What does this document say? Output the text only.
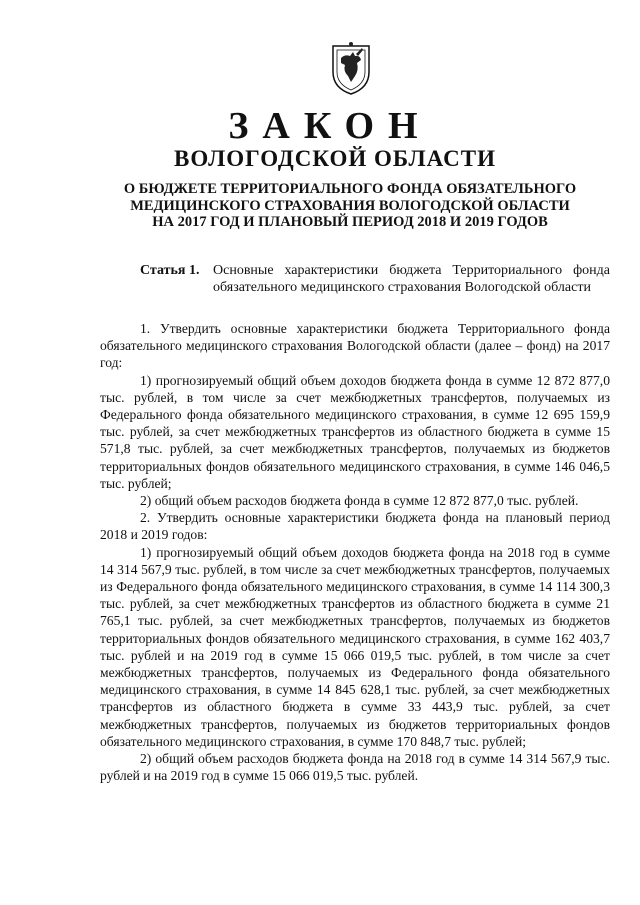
ЗАКОН
ВОЛОГОДСКОЙ ОБЛАСТИ
О БЮДЖЕТЕ ТЕРРИТОРИАЛЬНОГО ФОНДА ОБЯЗАТЕЛЬНОГО МЕДИЦИНСКОГО СТРАХОВАНИЯ ВОЛОГОДСКОЙ ОБЛАСТИ НА 2017 ГОД И ПЛАНОВЫЙ ПЕРИОД 2018 И 2019 ГОДОВ
Статья 1. Основные характеристики бюджета Территориального фонда обязательного медицинского страхования Вологодской области

1. Утвердить основные характеристики бюджета Территориального фонда обязательного медицинского страхования Вологодской области (далее – фонд) на 2017 год:

1) прогнозируемый общий объем доходов бюджета фонда в сумме 12 872 877,0 тыс. рублей, в том числе за счет межбюджетных трансфертов, получаемых из Федерального фонда обязательного медицинского страхования, в сумме 12 695 159,9 тыс. рублей, за счет межбюджетных трансфертов из областного бюджета в сумме 15 571,8 тыс. рублей, за счет межбюджетных трансфертов, получаемых из бюджетов территориальных фондов обязательного медицинского страхования, в сумме 146 046,5 тыс. рублей;

2) общий объем расходов бюджета фонда в сумме 12 872 877,0 тыс. рублей.

2. Утвердить основные характеристики бюджета фонда на плановый период 2018 и 2019 годов:

1) прогнозируемый общий объем доходов бюджета фонда на 2018 год в сумме 14 314 567,9 тыс. рублей, в том числе за счет межбюджетных трансфертов, получаемых из Федерального фонда обязательного медицинского страхования, в сумме 14 114 300,3 тыс. рублей, за счет межбюджетных трансфертов из областного бюджета в сумме 21 765,1 тыс. рублей, за счет межбюджетных трансфертов, получаемых из бюджетов территориальных фондов обязательного медицинского страхования, в сумме 162 403,7 тыс. рублей и на 2019 год в сумме 15 066 019,5 тыс. рублей, в том числе за счет межбюджетных трансфертов, получаемых из Федерального фонда обязательного медицинского страхования, в сумме 14 845 628,1 тыс. рублей, за счет межбюджетных трансфертов из областного бюджета в сумме 33 443,9 тыс. рублей, за счет межбюджетных трансфертов, получаемых из бюджетов территориальных фондов обязательного медицинского страхования, в сумме 170 848,7 тыс. рублей;

2) общий объем расходов бюджета фонда на 2018 год в сумме 14 314 567,9 тыс. рублей и на 2019 год в сумме 15 066 019,5 тыс. рублей.
